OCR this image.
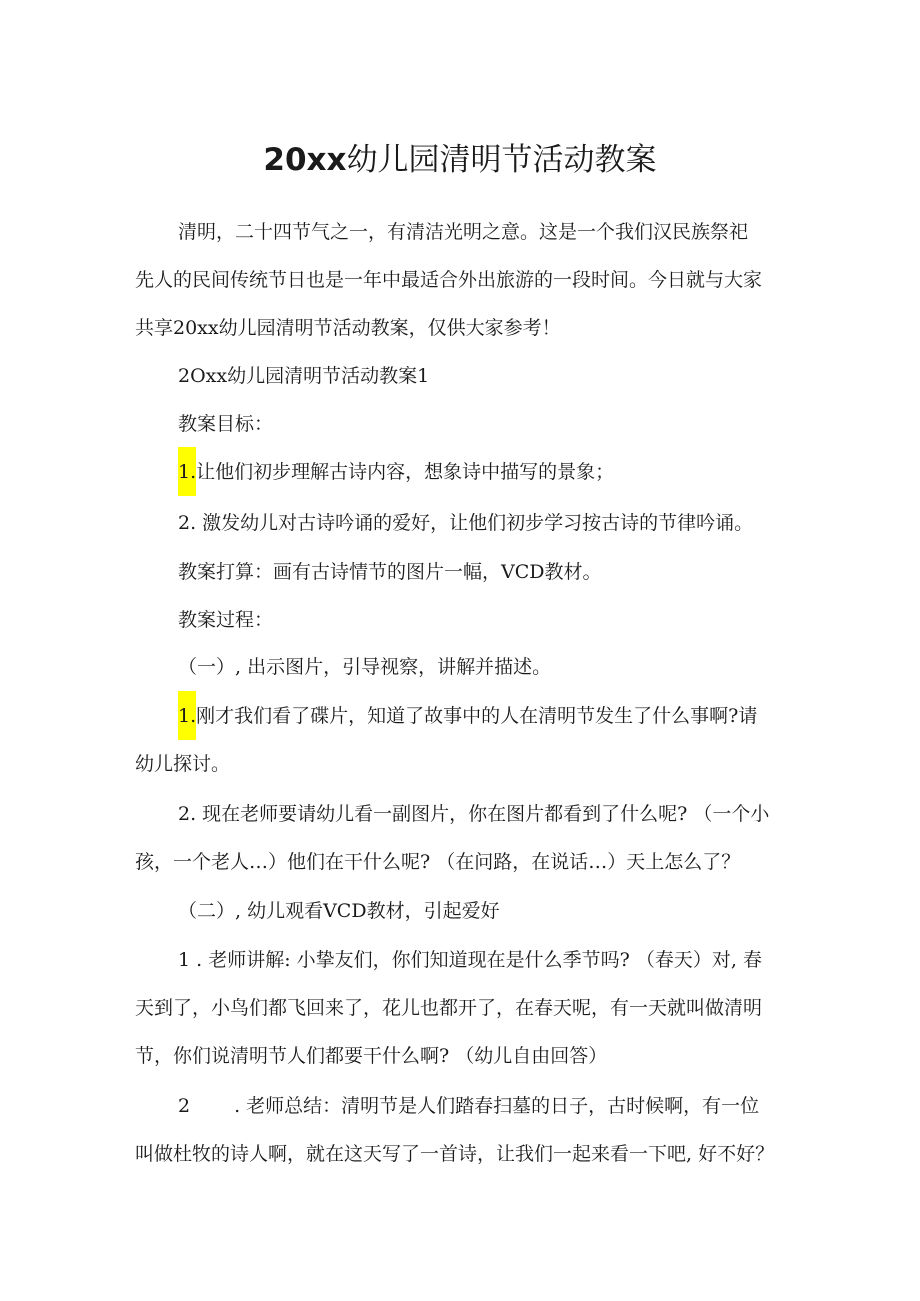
20xx幼儿园清明节活动教案

清明，二十四节气之一，有清洁光明之意。这是一个我们汉民族祭祀

先人的民间传统节日也是一年中最适合外出旅游的一段时间。今日就与大家

共享20xx幼儿园清明节活动教案，仅供大家参考！

2Oxx幼儿园清明节活动教案1

教案目标：

1.让他们初步理解古诗内容，想象诗中描写的景象；

2. 激发幼儿对古诗吟诵的爱好，让他们初步学习按古诗的节律吟诵。

教案打算：画有古诗情节的图片一幅，VCD教材。

教案过程：

（一）, 出示图片，引导视察，讲解并描述。

1.刚才我们看了碟片，知道了故事中的人在清明节发生了什么事啊?请

幼儿探讨。

2. 现在老师要请幼儿看一副图片，你在图片都看到了什么呢? （一个小

孩，一个老人…）他们在干什么呢? （在问路，在说话…）天上怎么了？

（二）, 幼儿观看VCD教材，引起爱好

1 . 老师讲解: 小挚友们，你们知道现在是什么季节吗? （春天）对, 春

天到了，小鸟们都飞回来了，花儿也都开了，在春天呢，有一天就叫做清明

节，你们说清明节人们都要干什么啊? （幼儿自由回答）

2 . 老师总结：清明节是人们踏春扫墓的日子，古时候啊，有一位

叫做杜牧的诗人啊，就在这天写了一首诗，让我们一起来看一下吧, 好不好？
